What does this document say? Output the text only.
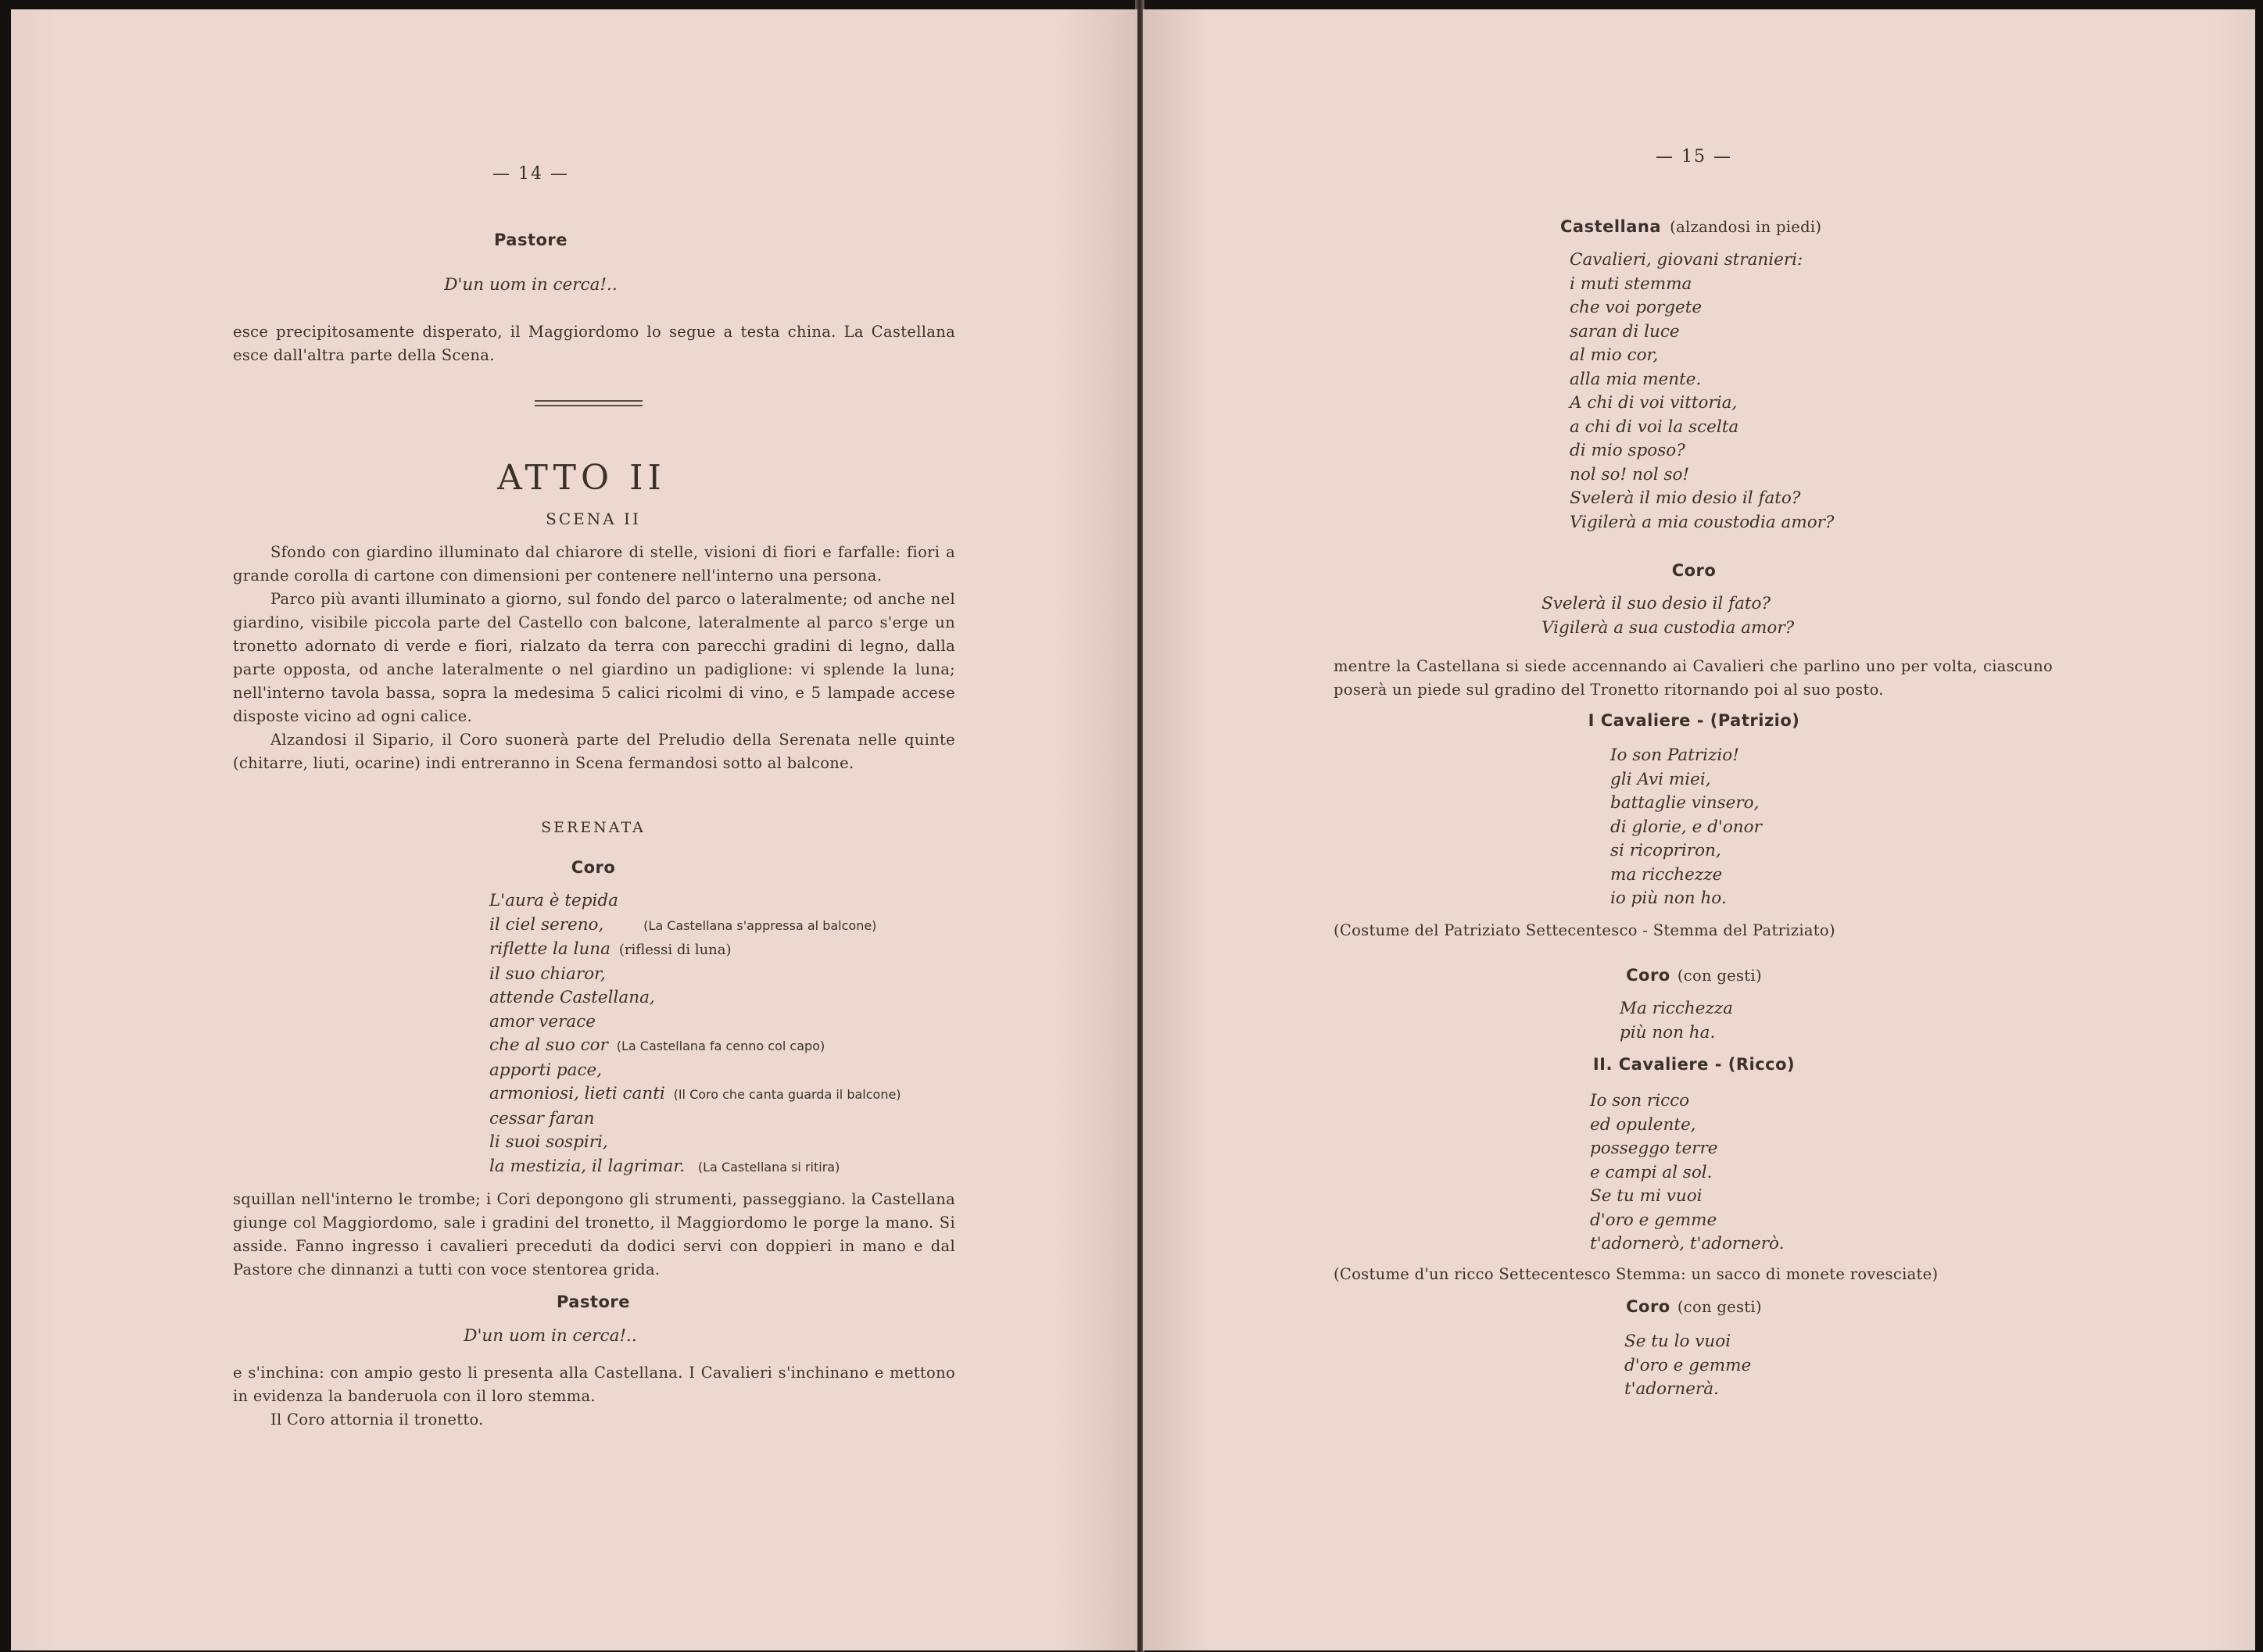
— 14 —
Pastore
D'un uom in cerca!..

esce precipitosamente disperato, il Maggiordomo lo segue a testa china. La Castellana esce dall'altra parte della Scena.

ATTO II
SCENA II

Sfondo con giardino illuminato dal chiarore di stelle, visioni di fiori e farfalle: fiori a grande corolla di cartone con dimensioni per contenere nell'interno una persona.

Parco più avanti illuminato a giorno, sul fondo del parco o lateralmente; od anche nel giardino, visibile piccola parte del Castello con balcone, lateralmente al parco s'erge un tronetto adornato di verde e fiori, rialzato da terra con parecchi gradini di legno, dalla parte opposta, od anche lateralmente o nel giardino un padiglione: vi splende la luna; nell'interno tavola bassa, sopra la medesima 5 calici ricolmi di vino, e 5 lampade accese disposte vicino ad ogni calice.

Alzandosi il Sipario, il Coro suonerà parte del Preludio della Serenata nelle quinte (chitarre, liuti, ocarine) indi entreranno in Scena fermandosi sotto al balcone.

SERENATA
Coro
L'aura è tepida
il ciel sereno,	(La Castellana s'appressa al balcone)
riflette la luna (riflessi di luna)
il suo chiaror,
attende Castellana,
amor verace
che al suo cor (La Castellana fa cenno col capo)
apporti pace,
armoniosi, lieti canti (Il Coro che canta guarda il balcone)
cessar faran
li suoi sospiri,
la mestizia, il lagrimar. (La Castellana si ritira)

squillan nell'interno le trombe; i Cori depongono gli strumenti, passeggiano. la Castellana giunge col Maggiordomo, sale i gradini del tronetto, il Maggiordomo le porge la mano. Si asside. Fanno ingresso i cavalieri preceduti da dodici servi con doppieri in mano e dal Pastore che dinnanzi a tutti con voce stentorea grida.

Pastore
D'un uom in cerca!..

e s'inchina: con ampio gesto li presenta alla Castellana. I Cavalieri s'inchinano e mettono in evidenza la banderuola con il loro stemma.

Il Coro attornia il tronetto.

— 15 —
Castellana (alzandosi in piedi)
Cavalieri, giovani stranieri:
i muti stemma
che voi porgete
saran di luce
al mio cor,
alla mia mente.
A chi di voi vittoria,
a chi di voi la scelta
di mio sposo?
nol so! nol so!
Svelerà il mio desio il fato?
Vigilerà a mia coustodia amor?
Coro
Svelerà il suo desio il fato?
Vigilerà a sua custodia amor?

mentre la Castellana si siede accennando ai Cavalieri che parlino uno per volta, ciascuno poserà un piede sul gradino del Tronetto ritornando poi al suo posto.

I Cavaliere - (Patrizio)
Io son Patrizio!
gli Avi miei,
battaglie vinsero,
di glorie, e d'onor
si ricopriron,
ma ricchezze
io più non ho.

(Costume del Patriziato Settecentesco - Stemma del Patriziato)

Coro (con gesti)
Ma ricchezza
più non ha.
II. Cavaliere - (Ricco)
Io son ricco
ed opulente,
posseggo terre
e campi al sol.
Se tu mi vuoi
d'oro e gemme
t'adornerò, t'adornerò.

(Costume d'un ricco Settecentesco Stemma: un sacco di monete rovesciate)

Coro (con gesti)
Se tu lo vuoi
d'oro e gemme
t'adornerà.
